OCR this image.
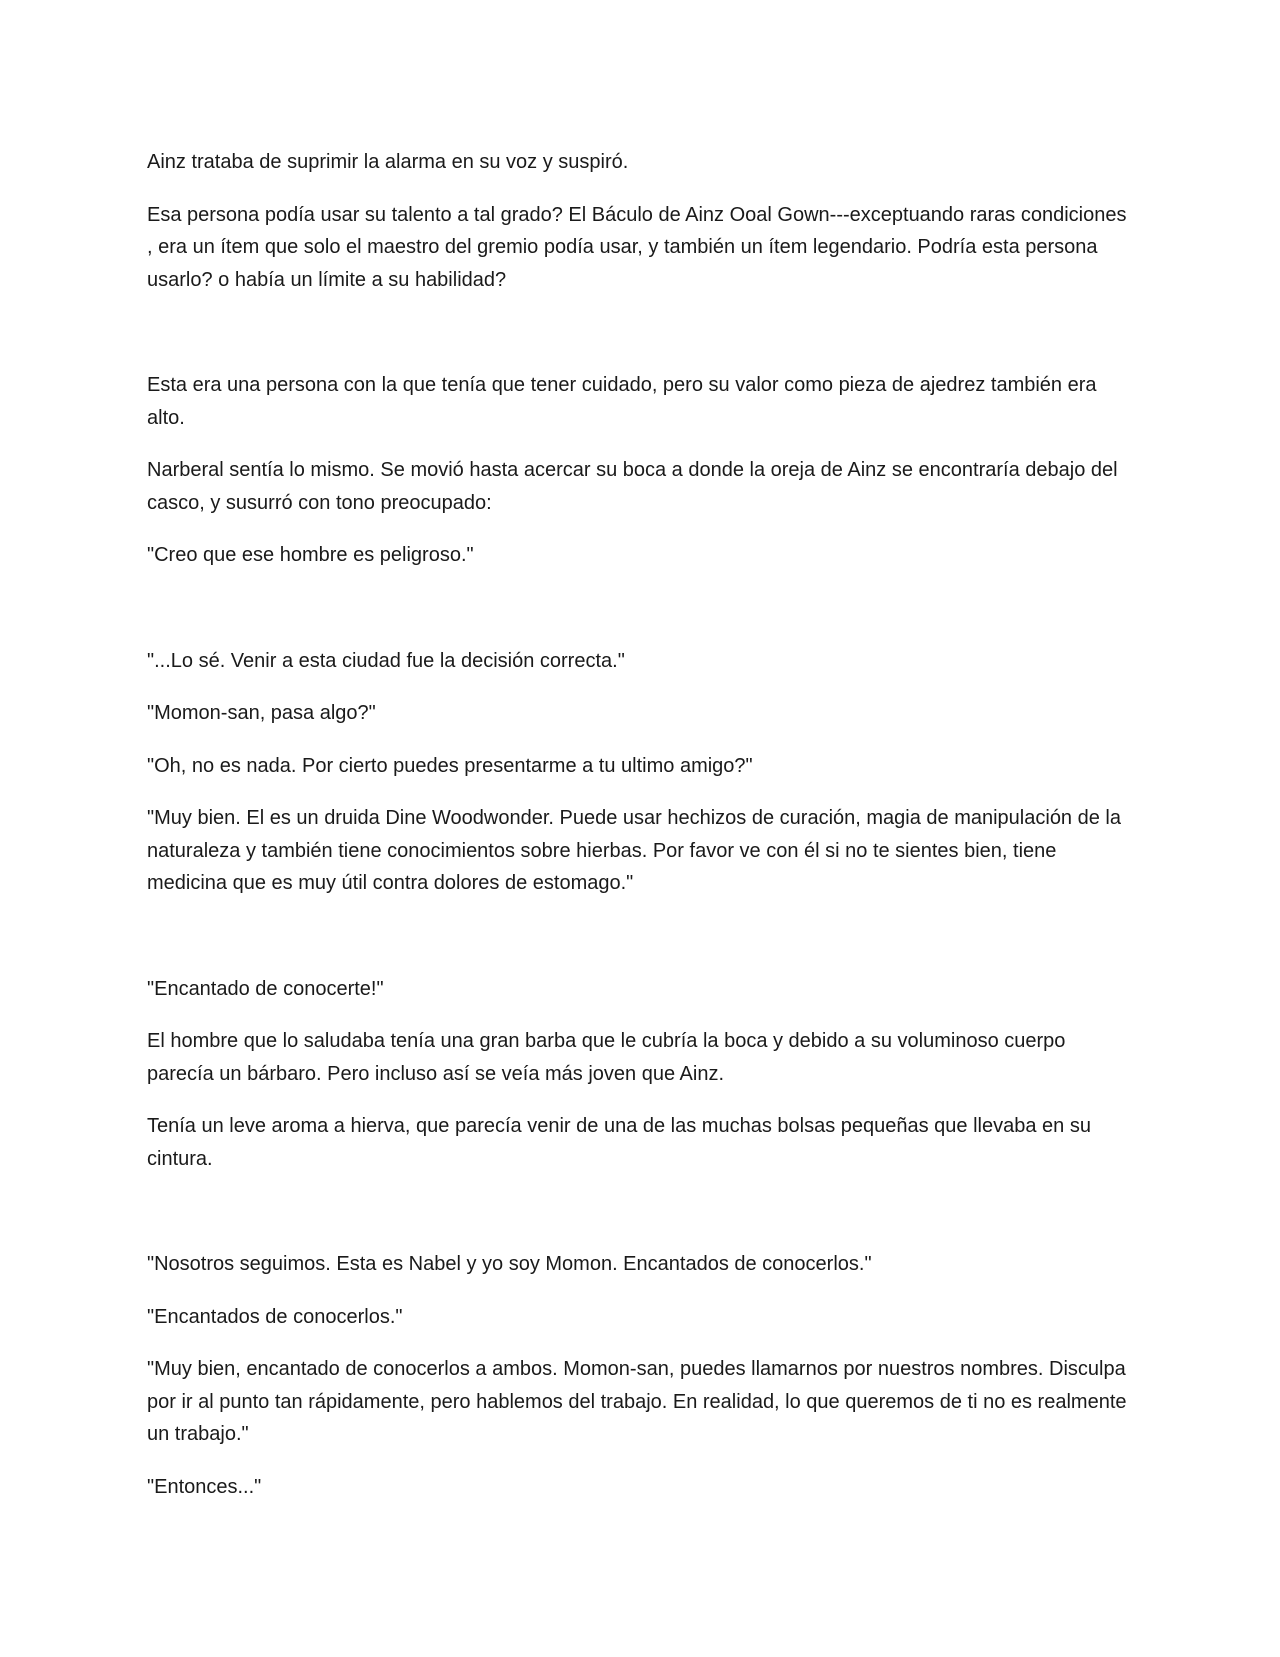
Ainz trataba de suprimir la alarma en su voz y suspiró.

Esa persona podía usar su talento a tal grado? El Báculo de Ainz Ooal Gown---exceptuando raras condiciones , era un ítem que solo el maestro del gremio podía usar, y también un ítem legendario. Podría esta persona usarlo? o había un límite a su habilidad?

Esta era una persona con la que tenía que tener cuidado, pero su valor como pieza de ajedrez también era alto.

Narberal sentía lo mismo. Se movió hasta acercar su boca a donde la oreja de Ainz se encontraría debajo del casco, y susurró con tono preocupado:

"Creo que ese hombre es peligroso."

"...Lo sé. Venir a esta ciudad fue la decisión correcta."

"Momon-san, pasa algo?"

"Oh, no es nada. Por cierto puedes presentarme a tu ultimo amigo?"

"Muy bien. El es un druida Dine Woodwonder. Puede usar hechizos de curación, magia de manipulación de la naturaleza y también tiene conocimientos sobre hierbas. Por favor ve con él si no te sientes bien, tiene medicina que es muy útil contra dolores de estomago."

"Encantado de conocerte!"

El hombre que lo saludaba tenía una gran barba que le cubría la boca y debido a su voluminoso cuerpo parecía un bárbaro. Pero incluso así se veía más joven que Ainz.

Tenía un leve aroma a hierva, que parecía venir de una de las muchas bolsas pequeñas que llevaba en su cintura.

"Nosotros seguimos. Esta es Nabel y yo soy Momon. Encantados de conocerlos."

"Encantados de conocerlos."

"Muy bien, encantado de conocerlos a ambos. Momon-san, puedes llamarnos por nuestros nombres. Disculpa por ir al punto tan rápidamente, pero hablemos del trabajo. En realidad, lo que queremos de ti no es realmente un trabajo."

"Entonces..."
